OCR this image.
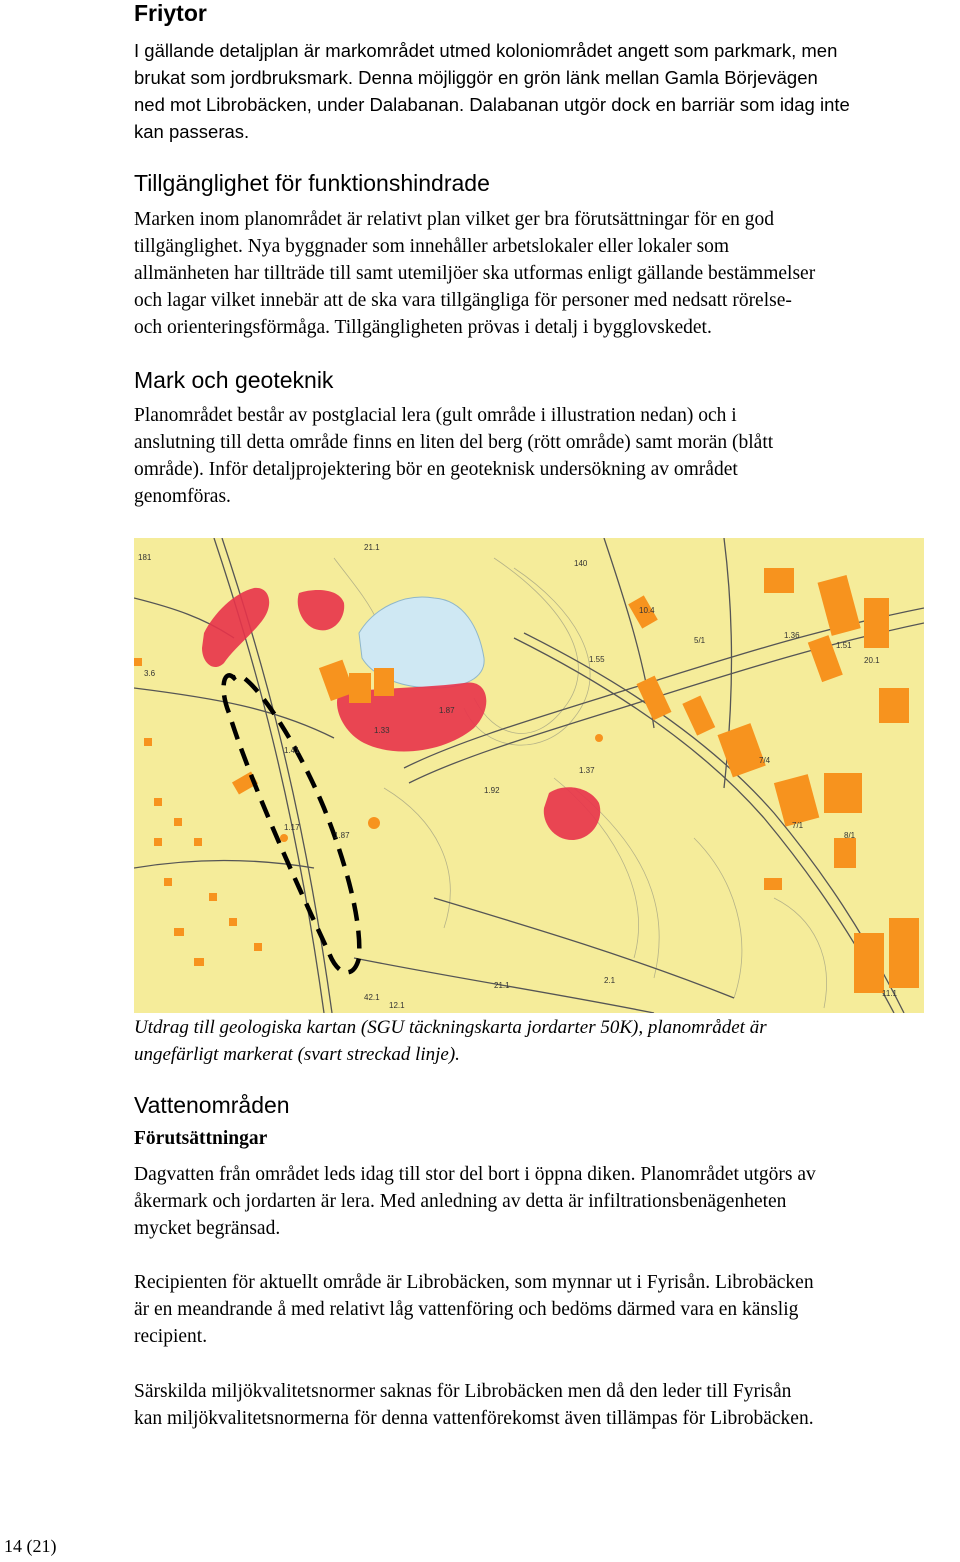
Friytor
I gällande detaljplan är markområdet utmed koloniområdet angett som parkmark, men
brukat som jordbruksmark. Denna möjliggör en grön länk mellan Gamla Börjevägen
ned mot Librobäcken, under Dalabanan. Dalabanan utgör dock en barriär som idag inte
kan passeras.
Tillgänglighet för funktionshindrade
Marken inom planområdet är relativt plan vilket ger bra förutsättningar för en god
tillgänglighet. Nya byggnader som innehåller arbetslokaler eller lokaler som
allmänheten har tillträde till samt utemiljöer ska utformas enligt gällande bestämmelser
och lagar vilket innebär att de ska vara tillgängliga för personer med nedsatt rörelse-
och orienteringsförmåga. Tillgängligheten prövas i detalj i bygglovskedet.
Mark och geoteknik
Planområdet består av postglacial lera (gult område i illustration nedan) och i
anslutning till detta område finns en liten del berg (rött område) samt morän (blått
område). Inför detaljprojektering bör en geoteknisk undersökning av området
genomföras.
181
21.1
140
10.4
5/1
1.36
1.51
20.1
3.6
1.55
1.87
1.92
1.33
1.37
1.41
7/4
7/1
1.17
1.87	8/1
21.1
2.1
42.1	11.1
12.1
Utdrag till geologiska kartan (SGU täckningskarta jordarter 50K), planområdet är
ungefärligt markerat (svart streckad linje).
Vattenområden
Förutsättningar
Dagvatten från området leds idag till stor del bort i öppna diken. Planområdet utgörs av
åkermark och jordarten är lera. Med anledning av detta är infiltrationsbenägenheten
mycket begränsad.
Recipienten för aktuellt område är Librobäcken, som mynnar ut i Fyrisån. Librobäcken
är en meandrande å med relativt låg vattenföring och bedöms därmed vara en känslig
recipient.
Särskilda miljökvalitetsnormer saknas för Librobäcken men då den leder till Fyrisån
kan miljökvalitetsnormerna för denna vattenförekomst även tillämpas för Librobäcken.
14 (21)
